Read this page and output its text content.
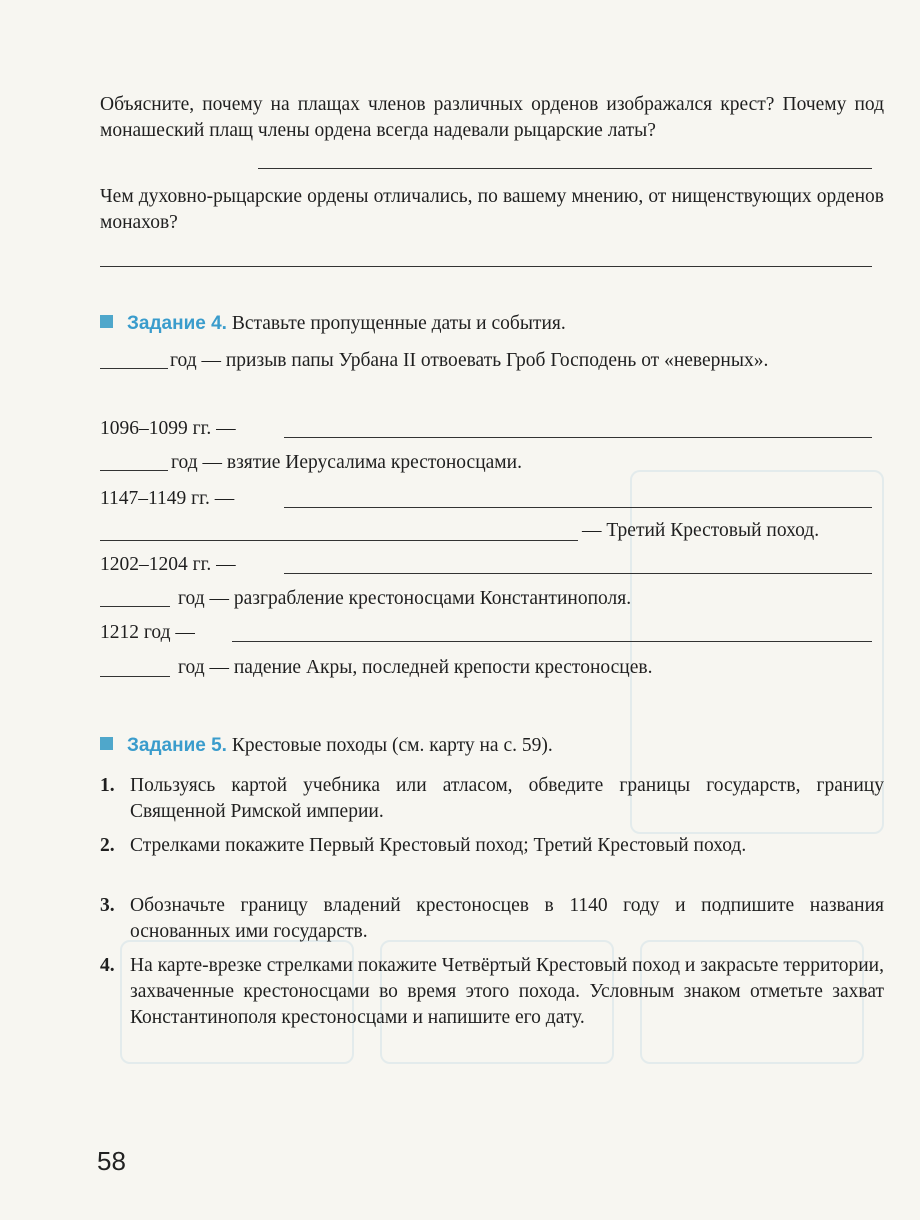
Объясните, почему на плащах членов различных орденов изображался крест? Почему под монашеский плащ члены ордена всегда надевали рыцарские латы?
Чем духовно-рыцарские ордены отличались, по вашему мнению, от нищенствующих орденов монахов?
Задание 4. Вставьте пропущенные даты и события.
год — призыв папы Урбана II отвоевать Гроб Господень от «неверных».
1096–1099 гг. —
год — взятие Иерусалима крестоносцами.
1147–1149 гг. —
— Третий Крестовый поход.
1202–1204 гг. —
год — разграбление крестоносцами Константинополя.
1212 год —
год — падение Акры, последней крепости крестоносцев.
Задание 5. Крестовые походы (см. карту на с. 59).
1. Пользуясь картой учебника или атласом, обведите границы государств, границу Священной Римской империи.
2. Стрелками покажите Первый Крестовый поход; Третий Крестовый поход.
3. Обозначьте границу владений крестоносцев в 1140 году и подпишите названия основанных ими государств.
4. На карте-врезке стрелками покажите Четвёртый Крестовый поход и закрасьте территории, захваченные крестоносцами во время этого похода. Условным знаком отметьте захват Константинополя крестоносцами и напишите его дату.
58
